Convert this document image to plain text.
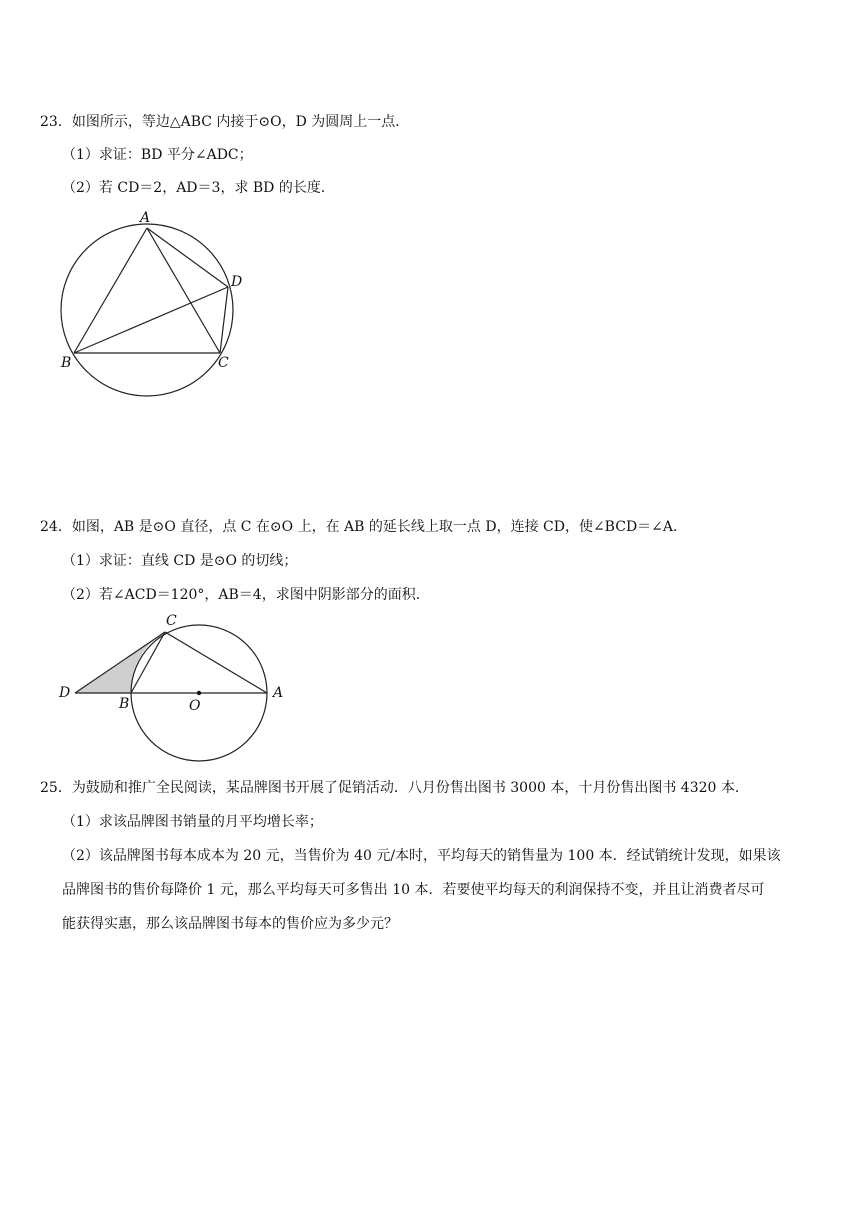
23．如图所示，等边△ABC 内接于⊙O，D 为圆周上一点．
（1）求证：BD 平分∠ADC；
（2）若 CD＝2，AD＝3，求 BD 的长度．
A
D
B	C
24．如图，AB 是⊙O 直径，点 C 在⊙O 上，在 AB 的延长线上取一点 D，连接 CD，使∠BCD＝∠A．
（1）求证：直线 CD 是⊙O 的切线；
（2）若∠ACD＝120°，AB＝4，求图中阴影部分的面积．
C
D
B	O
A
25．为鼓励和推广全民阅读，某品牌图书开展了促销活动．八月份售出图书 3000 本，十月份售出图书 4320 本．
（1）求该品牌图书销量的月平均增长率；
（2）该品牌图书每本成本为 20 元，当售价为 40 元/本时，平均每天的销售量为 100 本．经试销统计发现，如果该
品牌图书的售价每降价 1 元，那么平均每天可多售出 10 本．若要使平均每天的利润保持不变，并且让消费者尽可
能获得实惠，那么该品牌图书每本的售价应为多少元？
